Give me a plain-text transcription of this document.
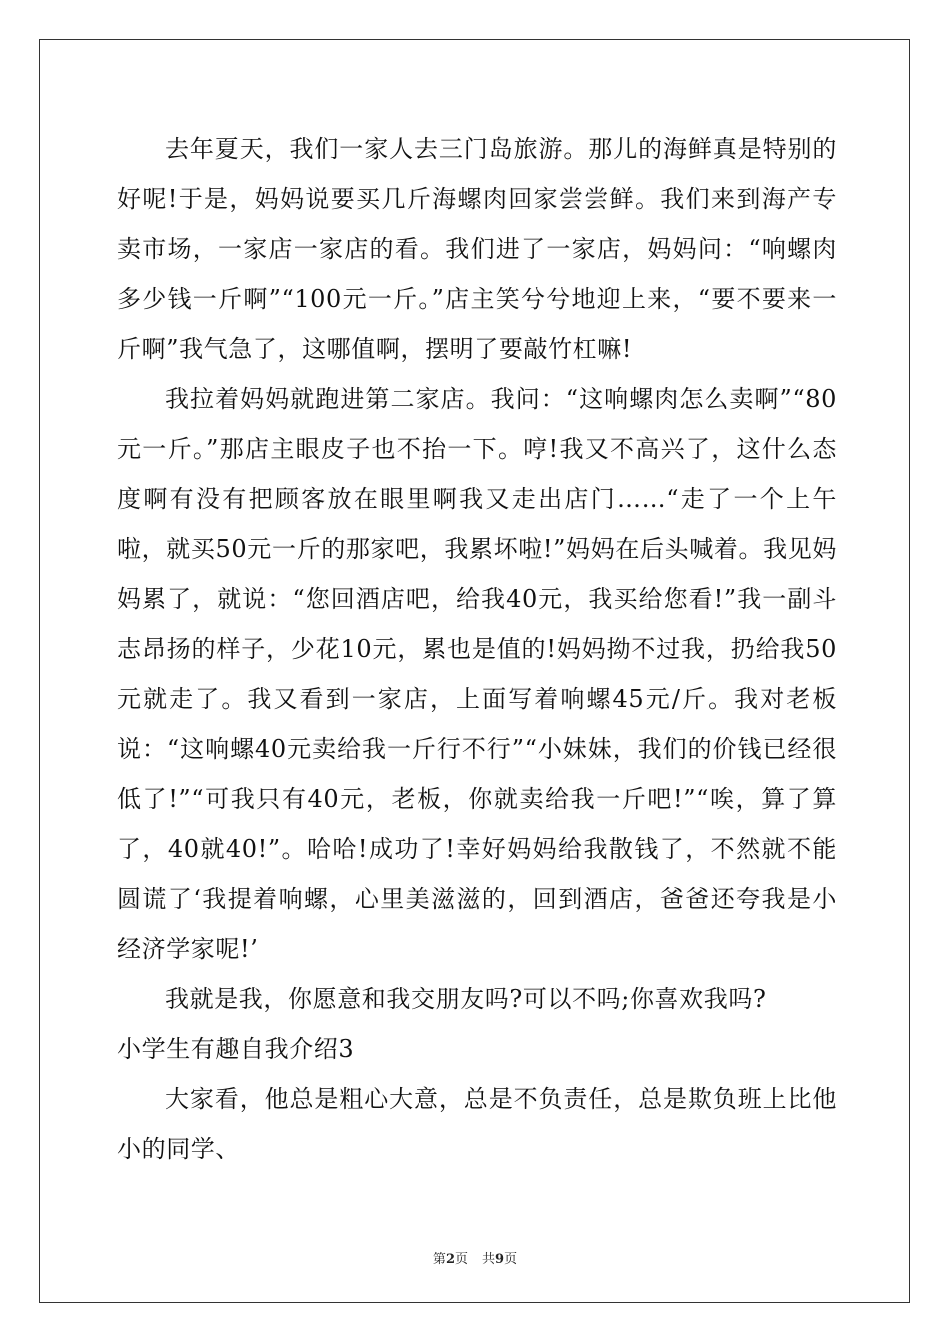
去年夏天，我们一家人去三门岛旅游。那儿的海鲜真是特别的好呢!于是，妈妈说要买几斤海螺肉回家尝尝鲜。我们来到海产专卖市场，一家店一家店的看。我们进了一家店，妈妈问：“响螺肉多少钱一斤啊”“100元一斤。”店主笑兮兮地迎上来，“要不要来一斤啊”我气急了，这哪值啊，摆明了要敲竹杠嘛!

我拉着妈妈就跑进第二家店。我问：“这响螺肉怎么卖啊”“80元一斤。”那店主眼皮子也不抬一下。哼!我又不高兴了，这什么态度啊有没有把顾客放在眼里啊我又走出店门……“走了一个上午啦，就买50元一斤的那家吧，我累坏啦!”妈妈在后头喊着。我见妈妈累了，就说：“您回酒店吧，给我40元，我买给您看!”我一副斗志昂扬的样子，少花10元，累也是值的!妈妈拗不过我，扔给我50元就走了。我又看到一家店，上面写着响螺45元/斤。我对老板说：“这响螺40元卖给我一斤行不行”“小妹妹，我们的价钱已经很低了!”“可我只有40元，老板，你就卖给我一斤吧!”“唉，算了算了，40就40!”。哈哈!成功了!幸好妈妈给我散钱了，不然就不能圆谎了‘我提着响螺，心里美滋滋的，回到酒店，爸爸还夸我是小经济学家呢!’

我就是我，你愿意和我交朋友吗?可以不吗;你喜欢我吗?

小学生有趣自我介绍3

大家看，他总是粗心大意，总是不负责任，总是欺负班上比他小的同学、

第2页 共9页
